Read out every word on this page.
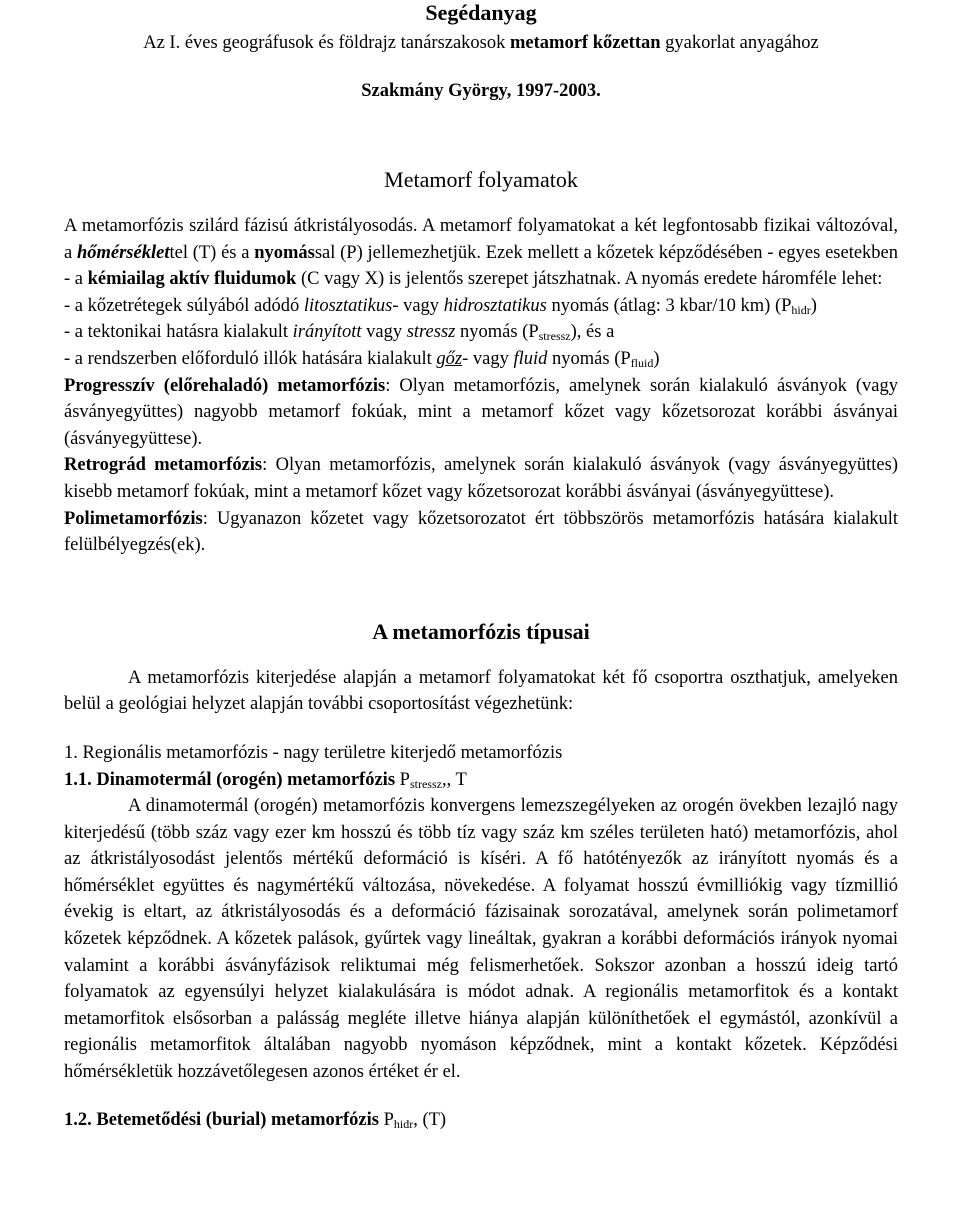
Segédanyag

Az I. éves geográfusok és földrajz tanárszakosok metamorf kőzettan gyakorlat anyagához

Szakmány György, 1997-2003.

Metamorf folyamatok

A metamorfózis szilárd fázisú átkristályosodás. A metamorf folyamatokat a két legfontosabb fizikai változóval, a hőmérséklettel (T) és a nyomással (P) jellemezhetjük. Ezek mellett a kőzetek képződésében - egyes esetekben - a kémiailag aktív fluidumok (C vagy X) is jelentős szerepet játszhatnak. A nyomás eredete háromféle lehet:

- a kőzetrétegek súlyából adódó litosztatikus- vagy hidrosztatikus nyomás (átlag: 3 kbar/10 km) $(P_{hidr})$

- a tektonikai hatásra kialakult irányított vagy stressz nyomás $(P_{stressz})$, és a

- a rendszerben előforduló illók hatására kialakult gőz- vagy fluid nyomás $(P_{fluid})$

Progresszív (előrehaladó) metamorfózis: Olyan metamorfózis, amelynek során kialakuló ásványok (vagy ásványegyüttes) nagyobb metamorf fokúak, mint a metamorf kőzet vagy kőzetsorozat korábbi ásványai (ásványegyüttese).

Retrográd metamorfózis: Olyan metamorfózis, amelynek során kialakuló ásványok (vagy ásványegyüttes) kisebb metamorf fokúak, mint a metamorf kőzet vagy kőzetsorozat korábbi ásványai (ásványegyüttese).

Polimetamorfózis: Ugyanazon kőzetet vagy kőzetsorozatot ért többszörös metamorfózis hatására kialakult felülbélyegzés(ek).

A metamorfózis típusai

A metamorfózis kiterjedése alapján a metamorf folyamatokat két fő csoportra oszthatjuk, amelyeken belül a geológiai helyzet alapján további csoportosítást végezhetünk:

1. Regionális metamorfózis - nagy területre kiterjedő metamorfózis

1.1. Dinamotermál (orogén) metamorfózis $P_{stressz}$,, T

A dinamotermál (orogén) metamorfózis konvergens lemezszegélyeken az orogén övekben lezajló nagy kiterjedésű (több száz vagy ezer km hosszú és több tíz vagy száz km széles területen ható) metamorfózis, ahol az átkristályosodást jelentős mértékű deformáció is kíséri. A fő hatótényezők az irányított nyomás és a hőmérséklet együttes és nagymértékű változása, növekedése. A folyamat hosszú évmilliókig vagy tízmillió évekig is eltart, az átkristályosodás és a deformáció fázisainak sorozatával, amelynek során polimetamorf kőzetek képződnek. A kőzetek palások, gyűrtek vagy lineáltak, gyakran a korábbi deformációs irányok nyomai valamint a korábbi ásványfázisok reliktumai még felismerhetőek. Sokszor azonban a hosszú ideig tartó folyamatok az egyensúlyi helyzet kialakulására is módot adnak. A regionális metamorfitok és a kontakt metamorfitok elsősorban a palásság megléte illetve hiánya alapján különíthetőek el egymástól, azonkívül a regionális metamorfitok általában nagyobb nyomáson képződnek, mint a kontakt kőzetek. Képződési hőmérsékletük hozzávetőlegesen azonos értéket ér el.

1.2. Betemetődési (burial) metamorfózis $P_{hidr}$, (T)
